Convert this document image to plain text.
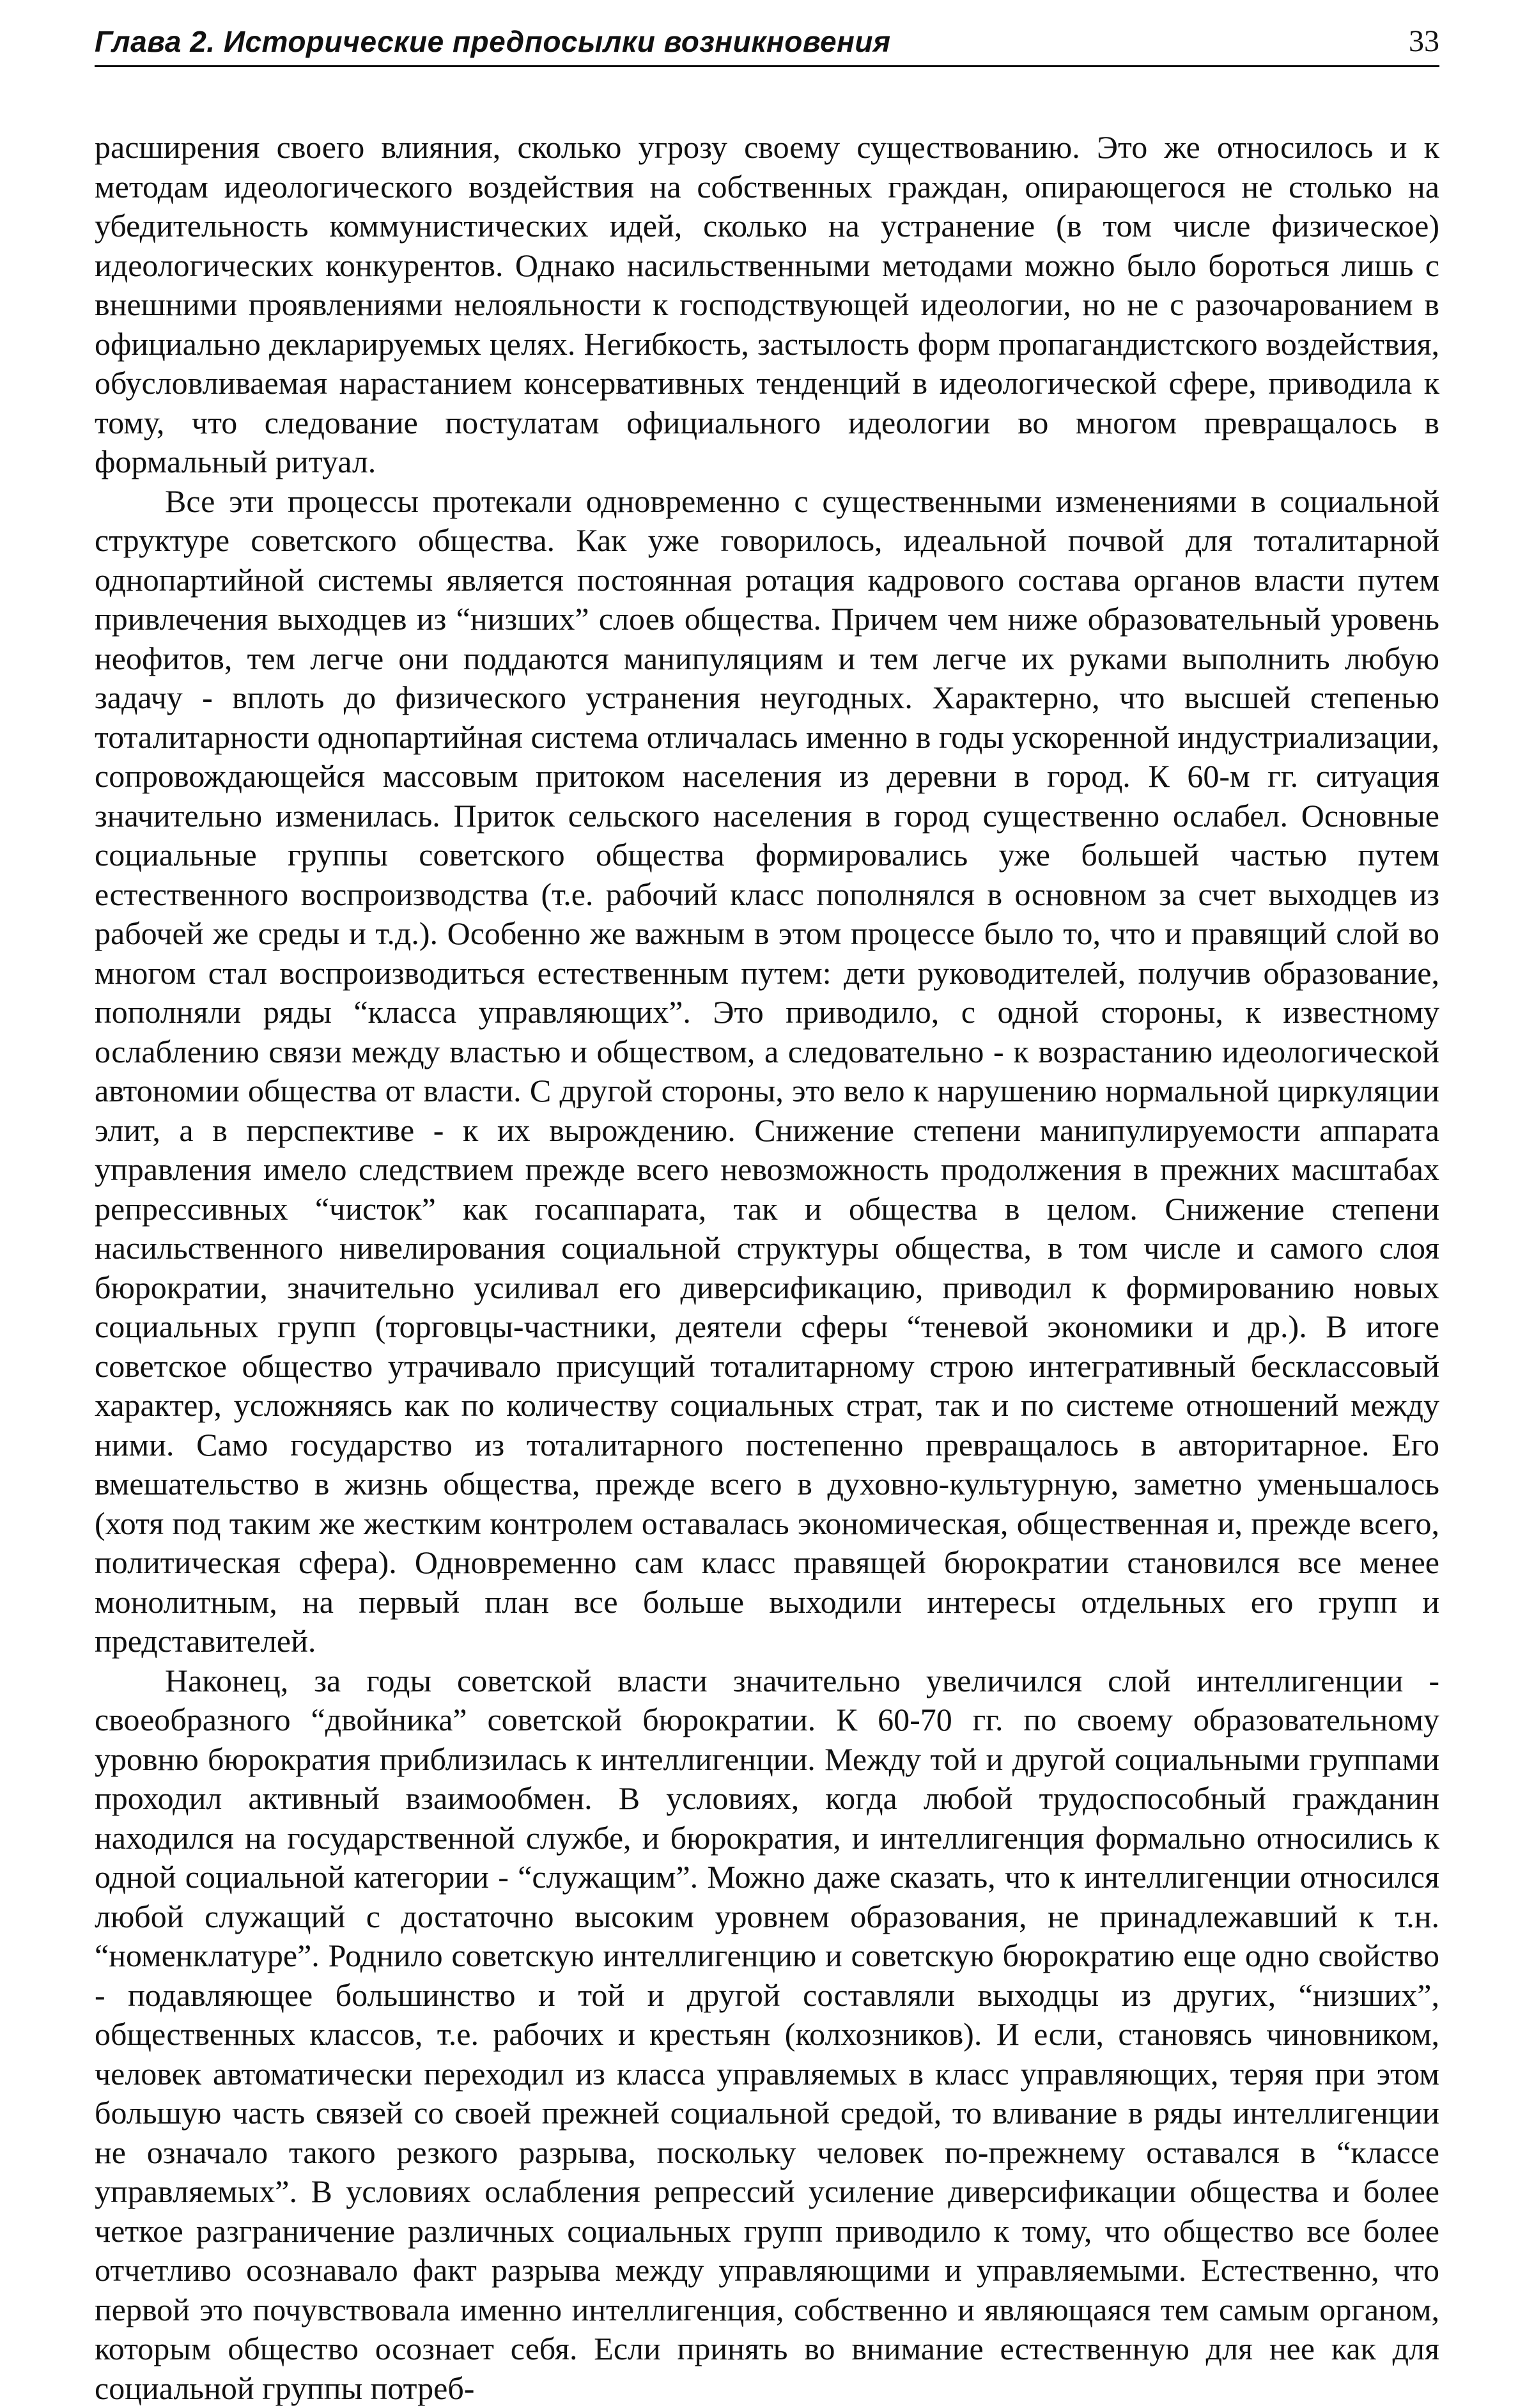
Глава 2. Исторические предпосылки возникновения	33

расширения своего влияния, сколько угрозу своему существованию. Это же относилось и к методам идеологического воздействия на собственных граждан, опирающегося не столько на убедительность коммунистических идей, сколько на устранение (в том числе физическое) идеологических конкурентов. Однако насильственными методами можно было бороться лишь с внешними проявлениями нелояльности к господствующей идеологии, но не с разочарованием в официально декларируемых целях. Негибкость, застылость форм пропагандистского воздействия, обусловливаемая нарастанием консервативных тенденций в идеологической сфере, приводила к тому, что следование постулатам официального идеологии во многом превращалось в формальный ритуал.

Все эти процессы протекали одновременно с существенными изменениями в социальной структуре советского общества. Как уже говорилось, идеальной почвой для тоталитарной однопартийной системы является постоянная ротация кадрового состава органов власти путем привлечения выходцев из “низших” слоев общества. Причем чем ниже образовательный уровень неофитов, тем легче они поддаются манипуляциям и тем легче их руками выполнить любую задачу - вплоть до физического устранения неугодных. Характерно, что высшей степенью тоталитарности однопартийная система отличалась именно в годы ускоренной индустриализации, сопровождающейся массовым притоком населения из деревни в город. К 60-м гг. ситуация значительно изменилась. Приток сельского населения в город существенно ослабел. Основные социальные группы советского общества формировались уже большей частью путем естественного воспроизводства (т.е. рабочий класс пополнялся в основном за счет выходцев из рабочей же среды и т.д.). Особенно же важным в этом процессе было то, что и правящий слой во многом стал воспроизводиться естественным путем: дети руководителей, получив образование, пополняли ряды “класса управляющих”. Это приводило, с одной стороны, к известному ослаблению связи между властью и обществом, а следовательно - к возрастанию идеологической автономии общества от власти. С другой стороны, это вело к нарушению нормальной циркуляции элит, а в перспективе - к их вырождению. Снижение степени манипулируемости аппарата управления имело следствием прежде всего невозможность продолжения в прежних масштабах репрессивных “чисток” как госаппарата, так и общества в целом. Снижение степени насильственного нивелирования социальной структуры общества, в том числе и самого слоя бюрократии, значительно усиливал его диверсификацию, приводил к формированию новых социальных групп (торговцы-частники, деятели сферы “теневой экономики и др.). В итоге советское общество утрачивало присущий тоталитарному строю интегративный бесклассовый характер, усложняясь как по количеству социальных страт, так и по системе отношений между ними. Само государство из тоталитарного постепенно превращалось в авторитарное. Его вмешательство в жизнь общества, прежде всего в духовно-культурную, заметно уменьшалось (хотя под таким же жестким контролем оставалась экономическая, общественная и, прежде всего, политическая сфера). Одновременно сам класс правящей бюрократии становился все менее монолитным, на первый план все больше выходили интересы отдельных его групп и представителей.

Наконец, за годы советской власти значительно увеличился слой интеллигенции - своеобразного “двойника” советской бюрократии. К 60-70 гг. по своему образовательному уровню бюрократия приблизилась к интеллигенции. Между той и другой социальными группами проходил активный взаимообмен. В условиях, когда любой трудоспособный гражданин находился на государственной службе, и бюрократия, и интеллигенция формально относились к одной социальной категории - “служащим”. Можно даже сказать, что к интеллигенции относился любой служащий с достаточно высоким уровнем образования, не принадлежавший к т.н. “номенклатуре”. Роднило советскую интеллигенцию и советскую бюрократию еще одно свойство - подавляющее большинство и той и другой составляли выходцы из других, “низших”, общественных классов, т.е. рабочих и крестьян (колхозников). И если, становясь чиновником, человек автоматически переходил из класса управляемых в класс управляющих, теряя при этом большую часть связей со своей прежней социальной средой, то вливание в ряды интеллигенции не означало такого резкого разрыва, поскольку человек по-прежнему оставался в “классе управляемых”. В условиях ослабления репрессий усиление диверсификации общества и более четкое разграничение различных социальных групп приводило к тому, что общество все более отчетливо осознавало факт разрыва между управляющими и управляемыми. Естественно, что первой это почувствовала именно интеллигенция, собственно и являющаяся тем самым органом, которым общество осознает себя. Если принять во внимание естественную для нее как для социальной группы потреб-
